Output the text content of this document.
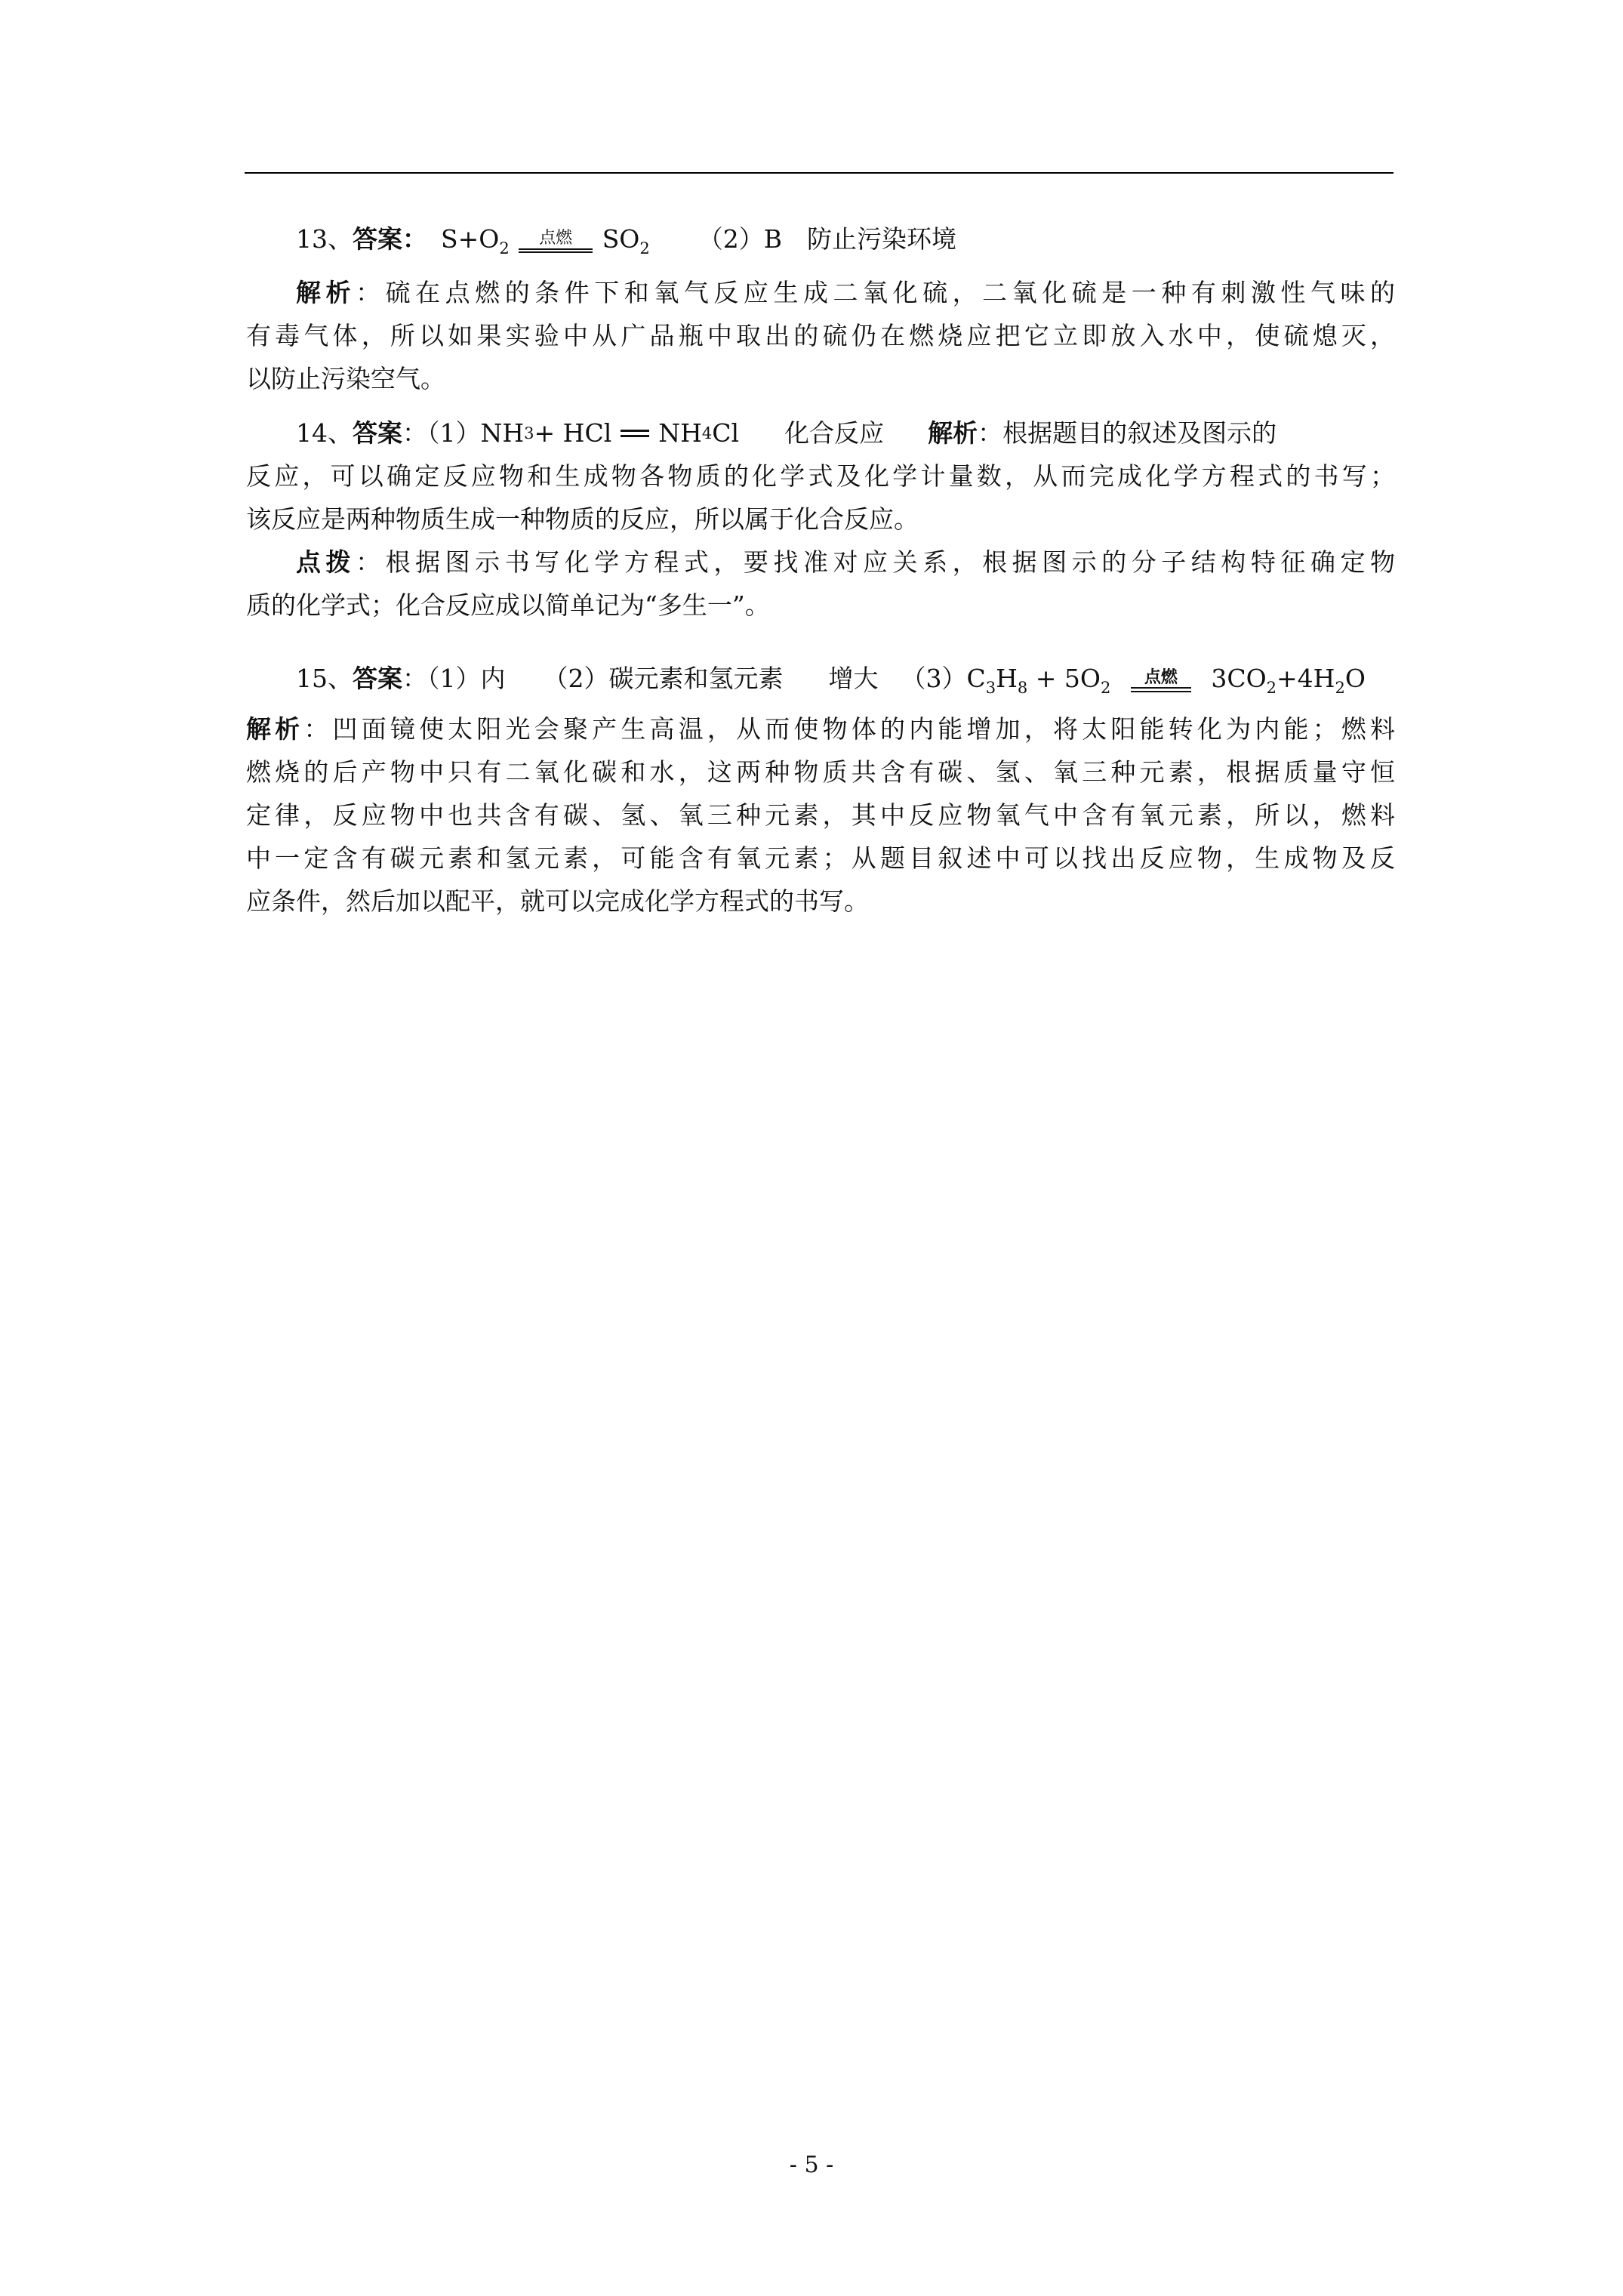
13、 答案 ： $S+O_2$
点燃 $SO_2$ （2）B　防止污染环境
解析：硫在点燃的条件下和氧气反应生成二氧化硫，二氧化硫是一种有刺激性气味的
有毒气体，所以如果实验中从广品瓶中取出的硫仍在燃烧应把它立即放入水中，使硫熄灭，
以防止污染空气。
14、 答案 ：（1）NH 3 + HCl NH 4 Cl 化合反应 解析 ：根据题目的叙述及图示的
反应，可以确定反应物和生成物各物质的化学式及化学计量数，从而完成化学方程式的书写；
该反应是两种物质生成一种物质的反应，所以属于化合反应。
点拨：根据图示书写化学方程式，要找准对应关系，根据图示的分子结构特征确定物
质的化学式；化合反应成以简单记为“多生一”。
15、 答案 ：（1）内 （2）碳元素和氢元素 增大 $(3)C_3H_8 + 5O_2$
点燃 $3CO_2+4H_2O$
解析：凹面镜使太阳光会聚产生高温，从而使物体的内能增加，将太阳能转化为内能；燃料
燃烧的后产物中只有二氧化碳和水，这两种物质共含有碳、氢、氧三种元素，根据质量守恒
定律，反应物中也共含有碳、氢、氧三种元素，其中反应物氧气中含有氧元素，所以，燃料
中一定含有碳元素和氢元素，可能含有氧元素；从题目叙述中可以找出反应物，生成物及反
应条件，然后加以配平，就可以完成化学方程式的书写。
- 5 -
